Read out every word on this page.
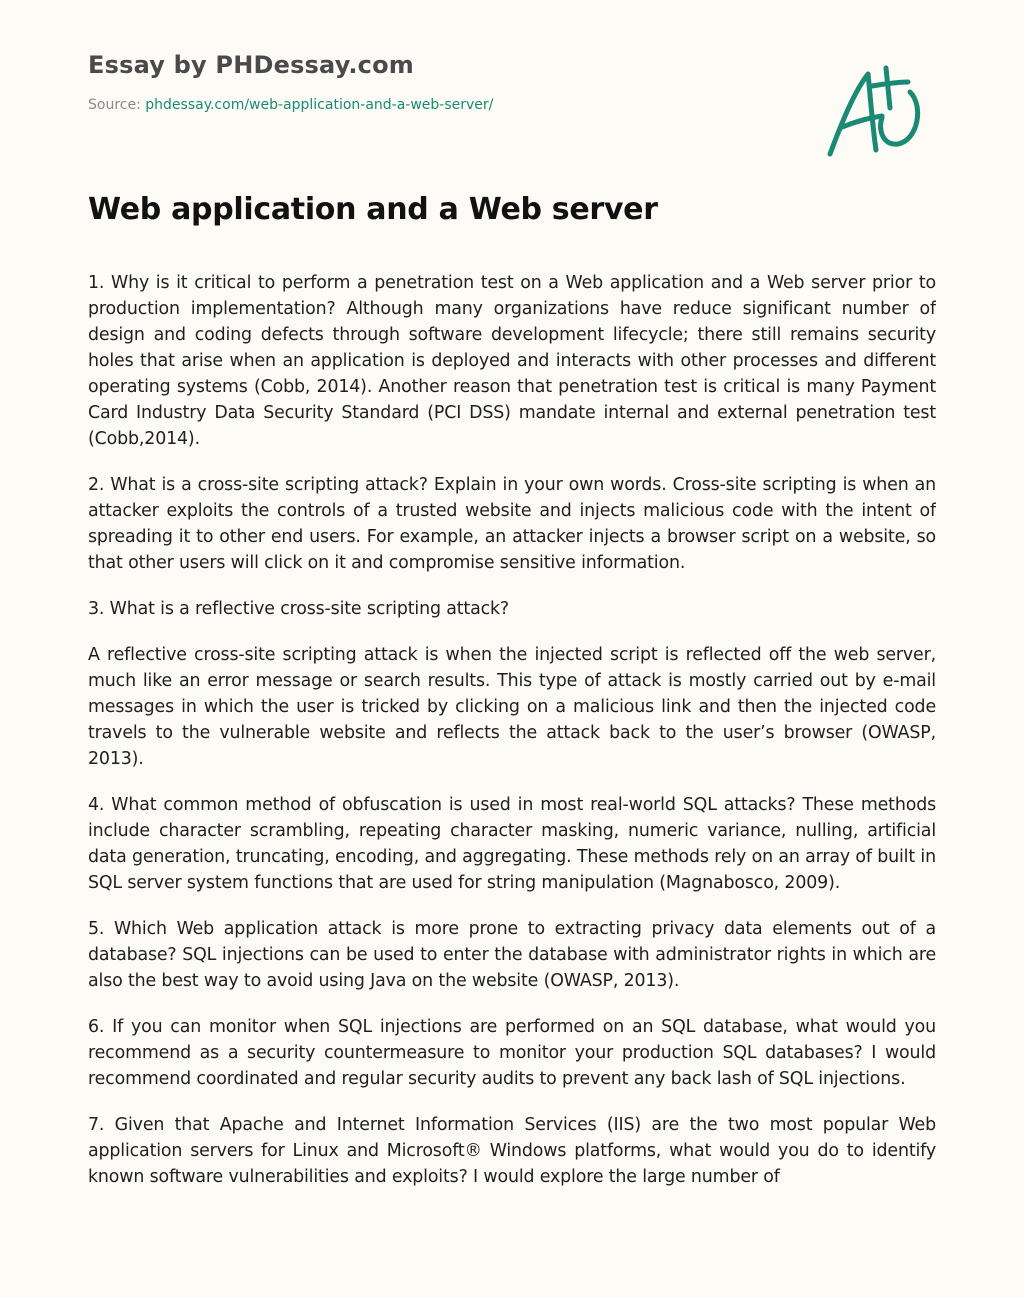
Essay by PHDessay.com
Source: phdessay.com/web-application-and-a-web-server/
Web application and a Web server

1. Why is it critical to perform a penetration test on a Web application and a Web server prior to production implementation? Although many organizations have reduce significant number of design and coding defects through software development lifecycle; there still remains security holes that arise when an application is deployed and interacts with other processes and different operating systems (Cobb, 2014). Another reason that penetration test is critical is many Payment Card Industry Data Security Standard (PCI DSS) mandate internal and external penetration test (Cobb,2014).

2. What is a cross-site scripting attack? Explain in your own words. Cross-site scripting is when an attacker exploits the controls of a trusted website and injects malicious code with the intent of spreading it to other end users. For example, an attacker injects a browser script on a website, so that other users will click on it and compromise sensitive information.

3. What is a reflective cross-site scripting attack?

A reflective cross-site scripting attack is when the injected script is reflected off the web server, much like an error message or search results. This type of attack is mostly carried out by e-mail messages in which the user is tricked by clicking on a malicious link and then the injected code travels to the vulnerable website and reflects the attack back to the user’s browser (OWASP, 2013).

4. What common method of obfuscation is used in most real-world SQL attacks? These methods include character scrambling, repeating character masking, numeric variance, nulling, artificial data generation, truncating, encoding, and aggregating. These methods rely on an array of built in SQL server system functions that are used for string manipulation (Magnabosco, 2009).

5. Which Web application attack is more prone to extracting privacy data elements out of a database? SQL injections can be used to enter the database with administrator rights in which are also the best way to avoid using Java on the website (OWASP, 2013).

6. If you can monitor when SQL injections are performed on an SQL database, what would you recommend as a security countermeasure to monitor your production SQL databases? I would recommend coordinated and regular security audits to prevent any back lash of SQL injections.

7. Given that Apache and Internet Information Services (IIS) are the two most popular Web application servers for Linux and Microsoft® Windows platforms, what would you do to identify known software vulnerabilities and exploits? I would explore the large number of
